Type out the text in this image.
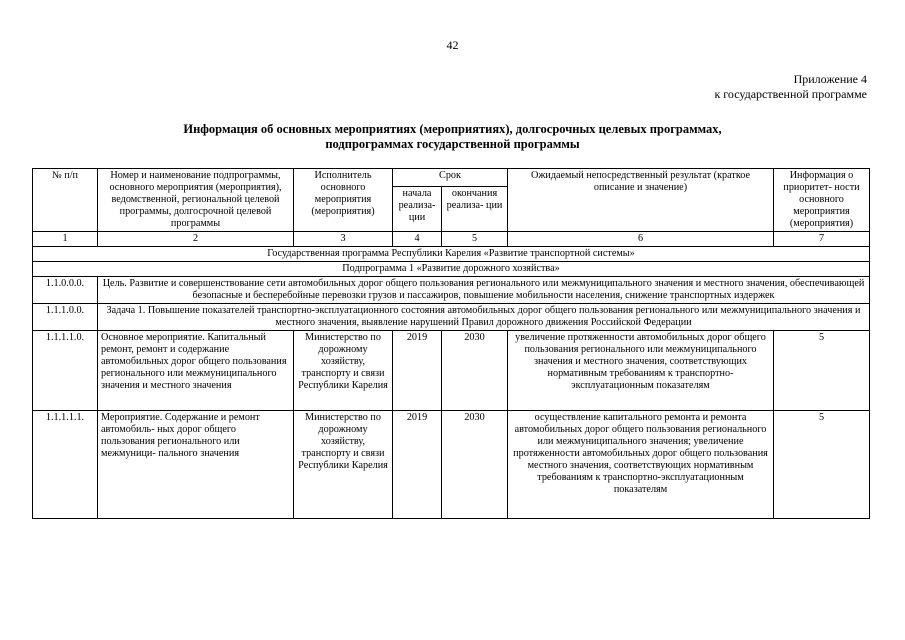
42
Приложение 4
к государственной программе
Информация об основных мероприятиях (мероприятиях), долгосрочных целевых программах,
подпрограммах государственной программы
№ п/п	Номер и наименование подпрограммы, основного мероприятия (мероприятия), ведомственной, региональной целевой программы, долгосрочной целевой программы	Исполнитель основного мероприятия (мероприятия)	Срок		Ожидаемый непосредственный результат (краткое описание и значение)	Информация о приоритет- ности основного мероприятия (мероприятия)
			начала реализа- ции	окончания реализа- ции		
1	2	3	4	5	6	7
Государственная программа Республики Карелия «Развитие транспортной системы»						
Подпрограмма 1 «Развитие дорожного хозяйства»						
1.1.0.0.0.	Цель. Развитие и совершенствование сети автомобильных дорог общего пользования регионального или межмуниципального значения и местного значения, обеспечивающей безопасные и бесперебойные перевозки грузов и пассажиров, повышение мобильности населения, снижение транспортных издержек					
1.1.1.0.0.	Задача 1. Повышение показателей транспортно-эксплуатационного состояния автомобильных дорог общего пользования регионального или межмуниципального значения и местного значения, выявление нарушений Правил дорожного движения Российской Федерации					
1.1.1.1.0.	Основное мероприятие. Капитальный ремонт, ремонт и содержание автомобильных дорог общего пользования регионального или межмуниципального значения и местного значения	Министерство по дорожному хозяйству, транспорту и связи Республики Карелия	2019	2030	увеличение протяженности автомобильных дорог общего пользования регионального или межмуниципального значения и местного значения, соответствующих нормативным требованиям к транспортно-эксплуатационным показателям	5
1.1.1.1.1.	Мероприятие. Содержание и ремонт автомобиль- ных дорог общего пользования регионального или межмуници- пального значения	Министерство по дорожному хозяйству, транспорту и связи Республики Карелия	2019	2030	осуществление капитального ремонта и ремонта автомобильных дорог общего пользования регионального или межмуниципального значения; увеличение протяженности автомобильных дорог общего пользования местного значения, соответствующих нормативным требованиям к транспортно-эксплуатационным показателям	5
